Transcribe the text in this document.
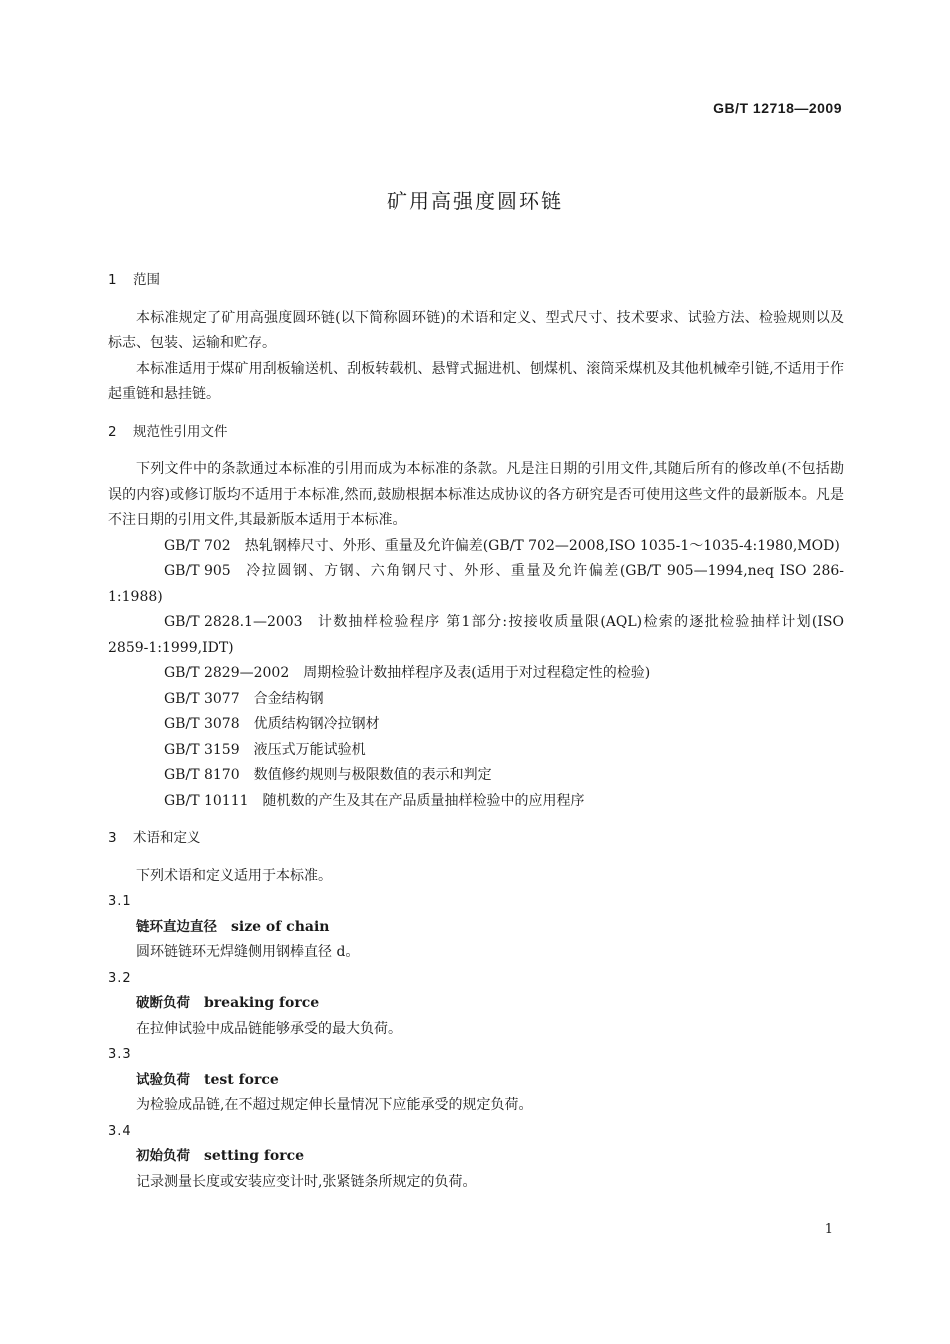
GB/T 12718—2009
矿用高强度圆环链
1 范围

本标准规定了矿用高强度圆环链(以下简称圆环链)的术语和定义、型式尺寸、技术要求、试验方法、检验规则以及标志、包装、运输和贮存。

本标准适用于煤矿用刮板输送机、刮板转载机、悬臂式掘进机、刨煤机、滚筒采煤机及其他机械牵引链,不适用于作起重链和悬挂链。

2 规范性引用文件

下列文件中的条款通过本标准的引用而成为本标准的条款。凡是注日期的引用文件,其随后所有的修改单(不包括勘误的内容)或修订版均不适用于本标准,然而,鼓励根据本标准达成协议的各方研究是否可使用这些文件的最新版本。凡是不注日期的引用文件,其最新版本适用于本标准。

GB/T 702 热轧钢棒尺寸、外形、重量及允许偏差(GB/T 702—2008,ISO 1035-1～1035-4:1980,MOD)

GB/T 905 冷拉圆钢、方钢、六角钢尺寸、外形、重量及允许偏差(GB/T 905—1994,neq ISO 286-1:1988)

GB/T 2828.1—2003 计数抽样检验程序 第1部分:按接收质量限(AQL)检索的逐批检验抽样计划(ISO 2859-1:1999,IDT)

GB/T 2829—2002 周期检验计数抽样程序及表(适用于对过程稳定性的检验)

GB/T 3077 合金结构钢

GB/T 3078 优质结构钢冷拉钢材

GB/T 3159 液压式万能试验机

GB/T 8170 数值修约规则与极限数值的表示和判定

GB/T 10111 随机数的产生及其在产品质量抽样检验中的应用程序

3 术语和定义

下列术语和定义适用于本标准。

3.1
链环直边直径 size of chain
圆环链链环无焊缝侧用钢棒直径 d。
3.2
破断负荷 breaking force
在拉伸试验中成品链能够承受的最大负荷。
3.3
试验负荷 test force
为检验成品链,在不超过规定伸长量情况下应能承受的规定负荷。
3.4
初始负荷 setting force
记录测量长度或安装应变计时,张紧链条所规定的负荷。
1
